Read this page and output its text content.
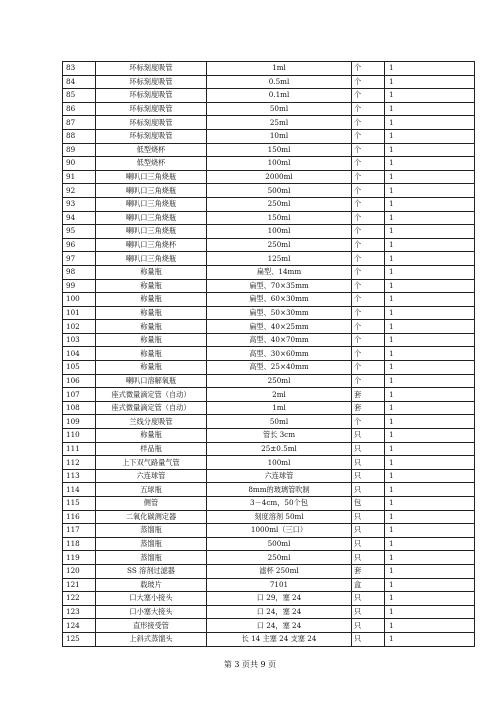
83	环标刻度吸管	1ml	个	1
84	环标刻度吸管	0.5ml	个	1
85	环标刻度吸管	0.1ml	个	1
86	环标刻度吸管	50ml	个	1
87	环标刻度吸管	25ml	个	1
88	环标刻度吸管	10ml	个	1
89	低型烧杯	150ml	个	1
90	低型烧杯	100ml	个	1
91	喇叭口三角烧瓶	2000ml	个	1
92	喇叭口三角烧瓶	500ml	个	1
93	喇叭口三角烧瓶	250ml	个	1
94	喇叭口三角烧瓶	150ml	个	1
95	喇叭口三角烧瓶	100ml	个	1
96	喇叭口三角烧杯	250ml	个	1
97	喇叭口三角烧瓶	125ml	个	1
98	称量瓶	扁型、14mm	个	1
99	称量瓶	扁型、70×35mm	个	1
100	称量瓶	扁型、60×30mm	个	1
101	称量瓶	扁型、50×30mm	个	1
102	称量瓶	扁型、40×25mm	个	1
103	称量瓶	高型、40×70mm	个	1
104	称量瓶	高型、30×60mm	个	1
105	称量瓶	高型、25×40mm	个	1
106	喇叭口溶解氧瓶	250ml	个	1
107	座式微量滴定管（自动）	2ml	套	1
108	座式微量滴定管（自动）	1ml	套	1
109	兰线分度吸管	50ml	个	1
110	称量瓶	管长 3cm	只	1
111	样品瓶	25±0.5ml	只	1
112	上下双气路量气管	100ml	只	1
113	六连球管	六连球管	只	1
114	五球瓶	8mm的玻璃管吹制	只	1
115	侧管	3－4cm，50个包	包	1
116	二氧化碳测定器	刻度溶剂 50ml	只	1
117	蒸馏瓶	1000ml（三口）	只	1
118	蒸馏瓶	500ml	只	1
119	蒸馏瓶	250ml	只	1
120	SS 溶剂过滤器	滤杯 250ml	套	1
121	载玻片	7101	盒	1
122	口大塞小接头	口 29，塞 24	只	1
123	口小塞大接头	口 24，塞 24	只	1
124	直形接受管	口 24，塞 24	只	1
125	上斜式蒸馏头	长 14 主塞 24 支塞 24	只	1
第 3 页共 9 页
